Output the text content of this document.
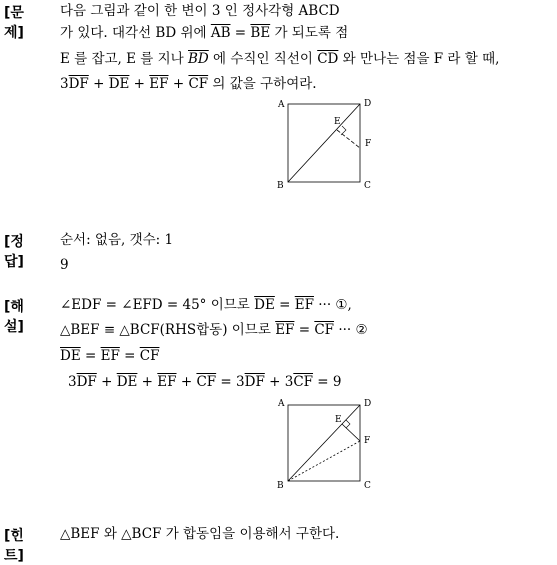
[문제]
다음 그림과 같이 한 변이 3 인 정사각형 ABCD
가 있다. 대각선 BD 위에 $\overline{AB} = \overline{BE}$ 가 되도록 점
E 를 잡고, E 를 지나 $\overline{BD}$ 에 수직인 직선이 $\overline{CD}$ 와 만나는 점을 F 라 할 때,
$3\overline{DF} + \overline{DE} + \overline{EF} + \overline{CF}$ 의 값을 구하여라.
A	D
E
F
B	C
[정답]
순서: 없음, 갯수: 1
9
[해설]
∠EDF = ∠EFD = 45° 이므로 $\overline{DE} = \overline{EF}$ ··· ①,
△BEF ≡ △BCF(RHS합동) 이므로 $\overline{EF} = \overline{CF}$ ··· ②
$\overline{DE} = \overline{EF} = \overline{CF}$
$3\overline{DF} + \overline{DE} + \overline{EF} + \overline{CF} = 3\overline{DF} + 3\overline{CF} = 9$
A	D
E
F
B	C
[힌트]
△BEF 와 △BCF 가 합동임을 이용해서 구한다.
